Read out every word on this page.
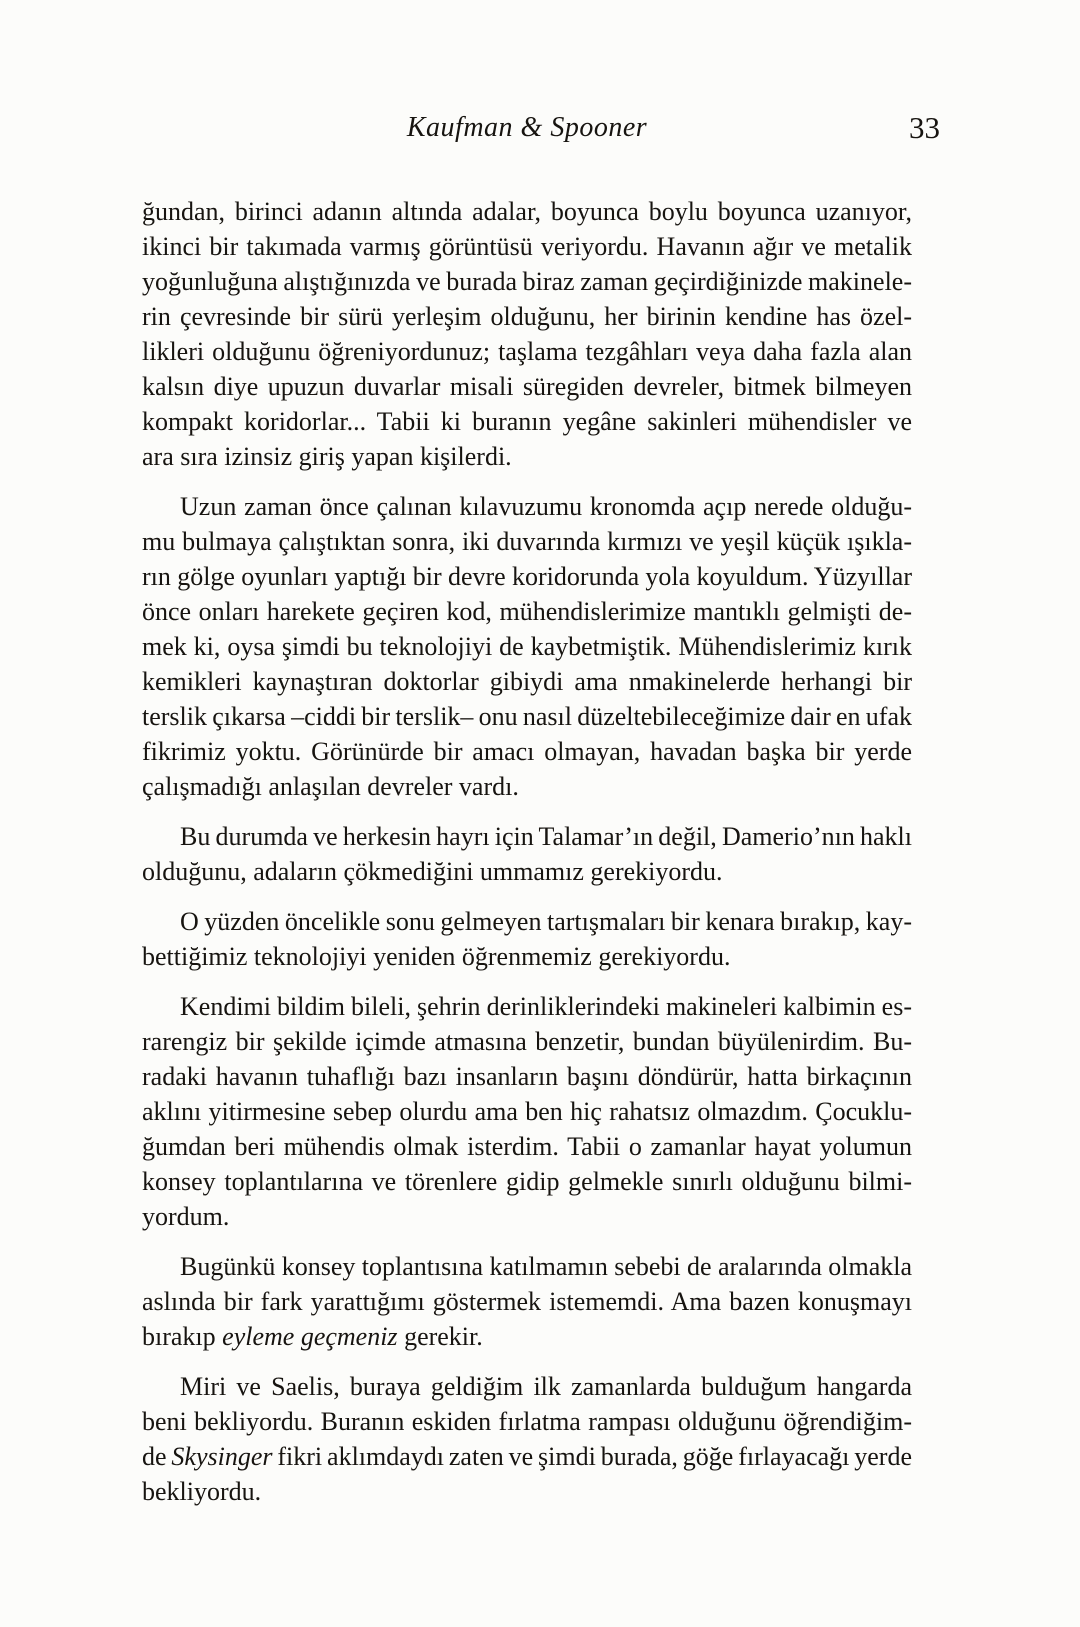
Kaufman & Spooner	33
ğundan, birinci adanın altında adalar, boyunca boylu boyunca uzanıyor,
ikinci bir takımada varmış görüntüsü veriyordu. Havanın ağır ve metalik
yoğunluğuna alıştığınızda ve burada biraz zaman geçirdiğinizde makinele-
rin çevresinde bir sürü yerleşim olduğunu, her birinin kendine has özel-
likleri olduğunu öğreniyordunuz; taşlama tezgâhları veya daha fazla alan
kalsın diye upuzun duvarlar misali süregiden devreler, bitmek bilmeyen
kompakt koridorlar... Tabii ki buranın yegâne sakinleri mühendisler ve
ara sıra izinsiz giriş yapan kişilerdi.
Uzun zaman önce çalınan kılavuzumu kronomda açıp nerede olduğu-
mu bulmaya çalıştıktan sonra, iki duvarında kırmızı ve yeşil küçük ışıkla-
rın gölge oyunları yaptığı bir devre koridorunda yola koyuldum. Yüzyıllar
önce onları harekete geçiren kod, mühendislerimize mantıklı gelmişti de-
mek ki, oysa şimdi bu teknolojiyi de kaybetmiştik. Mühendislerimiz kırık
kemikleri kaynaştıran doktorlar gibiydi ama nmakinelerde herhangi bir
terslik çıkarsa –ciddi bir terslik– onu nasıl düzeltebileceğimize dair en ufak
fikrimiz yoktu. Görünürde bir amacı olmayan, havadan başka bir yerde
çalışmadığı anlaşılan devreler vardı.
Bu durumda ve herkesin hayrı için Talamar’ın değil, Damerio’nın haklı
olduğunu, adaların çökmediğini ummamız gerekiyordu.
O yüzden öncelikle sonu gelmeyen tartışmaları bir kenara bırakıp, kay-
bettiğimiz teknolojiyi yeniden öğrenmemiz gerekiyordu.
Kendimi bildim bileli, şehrin derinliklerindeki makineleri kalbimin es-
rarengiz bir şekilde içimde atmasına benzetir, bundan büyülenirdim. Bu-
radaki havanın tuhaflığı bazı insanların başını döndürür, hatta birkaçının
aklını yitirmesine sebep olurdu ama ben hiç rahatsız olmazdım. Çocuklu-
ğumdan beri mühendis olmak isterdim. Tabii o zamanlar hayat yolumun
konsey toplantılarına ve törenlere gidip gelmekle sınırlı olduğunu bilmi-
yordum.
Bugünkü konsey toplantısına katılmamın sebebi de aralarında olmakla
aslında bir fark yarattığımı göstermek istememdi. Ama bazen konuşmayı
bırakıp eyleme geçmeniz gerekir.
Miri ve Saelis, buraya geldiğim ilk zamanlarda bulduğum hangarda
beni bekliyordu. Buranın eskiden fırlatma rampası olduğunu öğrendiğim-
de Skysinger fikri aklımdaydı zaten ve şimdi burada, göğe fırlayacağı yerde
bekliyordu.
